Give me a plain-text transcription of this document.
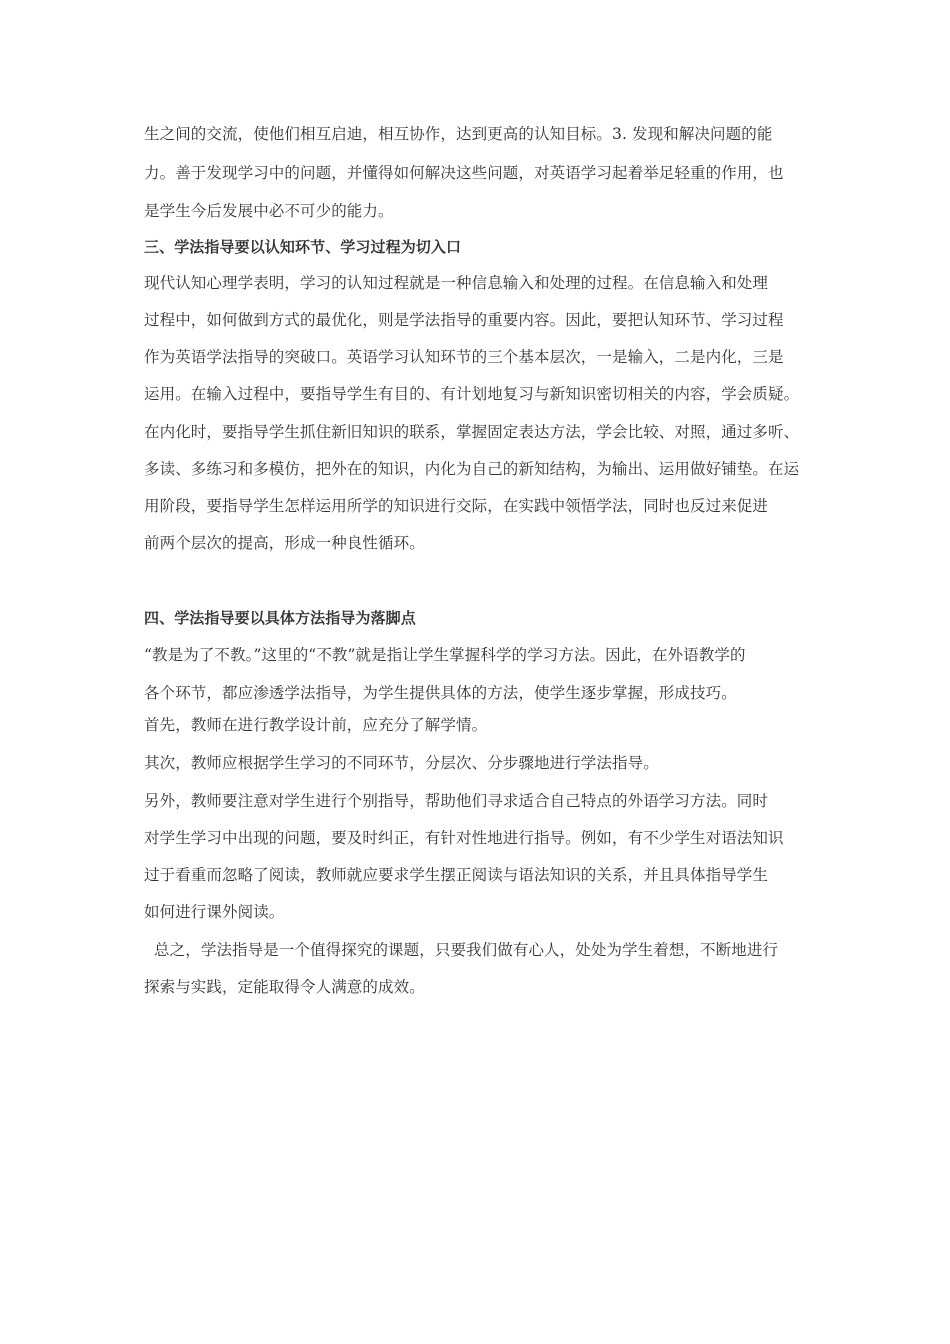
生之间的交流，使他们相互启迪，相互协作，达到更高的认知目标。3. 发现和解决问题的能
力。善于发现学习中的问题，并懂得如何解决这些问题，对英语学习起着举足轻重的作用，也
是学生今后发展中必不可少的能力。
三、学法指导要以认知环节、学习过程为切入口
现代认知心理学表明，学习的认知过程就是一种信息输入和处理的过程。在信息输入和处理
过程中，如何做到方式的最优化，则是学法指导的重要内容。因此，要把认知环节、学习过程
作为英语学法指导的突破口。英语学习认知环节的三个基本层次，一是输入，二是内化，三是
运用。在输入过程中，要指导学生有目的、有计划地复习与新知识密切相关的内容，学会质疑。
在内化时，要指导学生抓住新旧知识的联系，掌握固定表达方法，学会比较、对照，通过多听、
多读、多练习和多模仿，把外在的知识，内化为自己的新知结构，为输出、运用做好铺垫。在运
用阶段，要指导学生怎样运用所学的知识进行交际，在实践中领悟学法，同时也反过来促进
前两个层次的提高，形成一种良性循环。
四、学法指导要以具体方法指导为落脚点
“教是为了不教。”这里的“不教”就是指让学生掌握科学的学习方法。因此，在外语教学的
各个环节，都应渗透学法指导，为学生提供具体的方法，使学生逐步掌握，形成技巧。
首先，教师在进行教学设计前，应充分了解学情。
其次，教师应根据学生学习的不同环节，分层次、分步骤地进行学法指导。
另外，教师要注意对学生进行个别指导，帮助他们寻求适合自己特点的外语学习方法。同时
对学生学习中出现的问题，要及时纠正，有针对性地进行指导。例如，有不少学生对语法知识
过于看重而忽略了阅读，教师就应要求学生摆正阅读与语法知识的关系，并且具体指导学生
如何进行课外阅读。
总之，学法指导是一个值得探究的课题，只要我们做有心人，处处为学生着想，不断地进行
探索与实践，定能取得令人满意的成效。
